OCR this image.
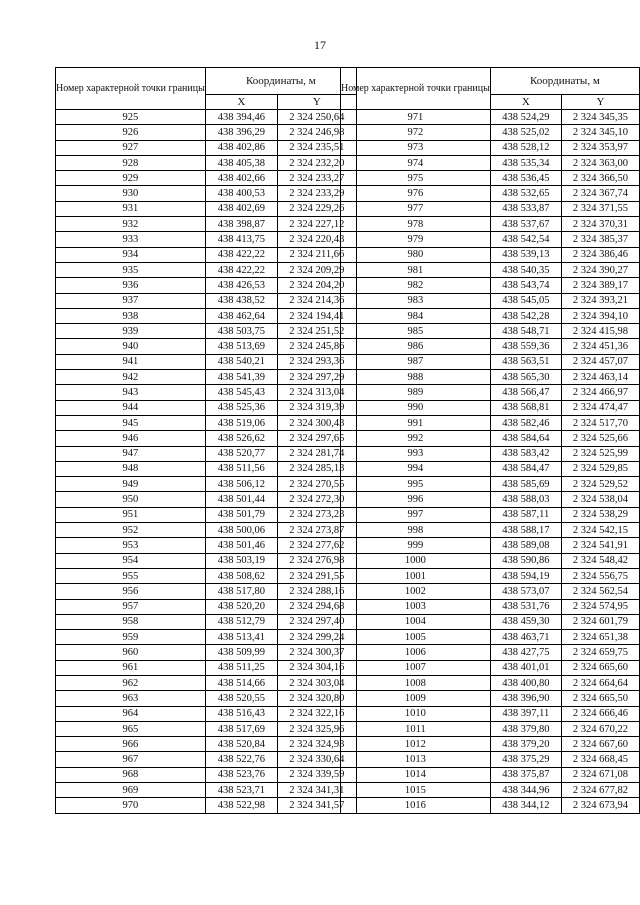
17
Номер характерной точки границы	Координаты, м	
	X	Y
925	438 394,46	2 324 250,64
926	438 396,29	2 324 246,98
927	438 402,86	2 324 235,51
928	438 405,38	2 324 232,20
929	438 402,66	2 324 233,27
930	438 400,53	2 324 233,29
931	438 402,69	2 324 229,26
932	438 398,87	2 324 227,12
933	438 413,75	2 324 220,43
934	438 422,22	2 324 211,66
935	438 422,22	2 324 209,29
936	438 426,53	2 324 204,20
937	438 438,52	2 324 214,36
938	438 462,64	2 324 194,41
939	438 503,75	2 324 251,52
940	438 513,69	2 324 245,86
941	438 540,21	2 324 293,36
942	438 541,39	2 324 297,29
943	438 545,43	2 324 313,04
944	438 525,36	2 324 319,39
945	438 519,06	2 324 300,43
946	438 526,62	2 324 297,65
947	438 520,77	2 324 281,74
948	438 511,56	2 324 285,13
949	438 506,12	2 324 270,55
950	438 501,44	2 324 272,30
951	438 501,79	2 324 273,23
952	438 500,06	2 324 273,87
953	438 501,46	2 324 277,62
954	438 503,19	2 324 276,98
955	438 508,62	2 324 291,55
956	438 517,80	2 324 288,16
957	438 520,20	2 324 294,68
958	438 512,79	2 324 297,40
959	438 513,41	2 324 299,24
960	438 509,99	2 324 300,37
961	438 511,25	2 324 304,16
962	438 514,66	2 324 303,04
963	438 520,55	2 324 320,80
964	438 516,43	2 324 322,16
965	438 517,69	2 324 325,96
966	438 520,84	2 324 324,93
967	438 522,76	2 324 330,64
968	438 523,76	2 324 339,59
969	438 523,71	2 324 341,31
970	438 522,98	2 324 341,57
Номер характерной точки границы	Координаты, м	
	X	Y
971	438 524,29	2 324 345,35
972	438 525,02	2 324 345,10
973	438 528,12	2 324 353,97
974	438 535,34	2 324 363,00
975	438 536,45	2 324 366,50
976	438 532,65	2 324 367,74
977	438 533,87	2 324 371,55
978	438 537,67	2 324 370,31
979	438 542,54	2 324 385,37
980	438 539,13	2 324 386,46
981	438 540,35	2 324 390,27
982	438 543,74	2 324 389,17
983	438 545,05	2 324 393,21
984	438 542,28	2 324 394,10
985	438 548,71	2 324 415,98
986	438 559,36	2 324 451,36
987	438 563,51	2 324 457,07
988	438 565,30	2 324 463,14
989	438 566,47	2 324 466,97
990	438 568,81	2 324 474,47
991	438 582,46	2 324 517,70
992	438 584,64	2 324 525,66
993	438 583,42	2 324 525,99
994	438 584,47	2 324 529,85
995	438 585,69	2 324 529,52
996	438 588,03	2 324 538,04
997	438 587,11	2 324 538,29
998	438 588,17	2 324 542,15
999	438 589,08	2 324 541,91
1000	438 590,86	2 324 548,42
1001	438 594,19	2 324 556,75
1002	438 573,07	2 324 562,54
1003	438 531,76	2 324 574,95
1004	438 459,30	2 324 601,79
1005	438 463,71	2 324 651,38
1006	438 427,75	2 324 659,75
1007	438 401,01	2 324 665,60
1008	438 400,80	2 324 664,64
1009	438 396,90	2 324 665,50
1010	438 397,11	2 324 666,46
1011	438 379,80	2 324 670,22
1012	438 379,20	2 324 667,60
1013	438 375,29	2 324 668,45
1014	438 375,87	2 324 671,08
1015	438 344,96	2 324 677,82
1016	438 344,12	2 324 673,94
